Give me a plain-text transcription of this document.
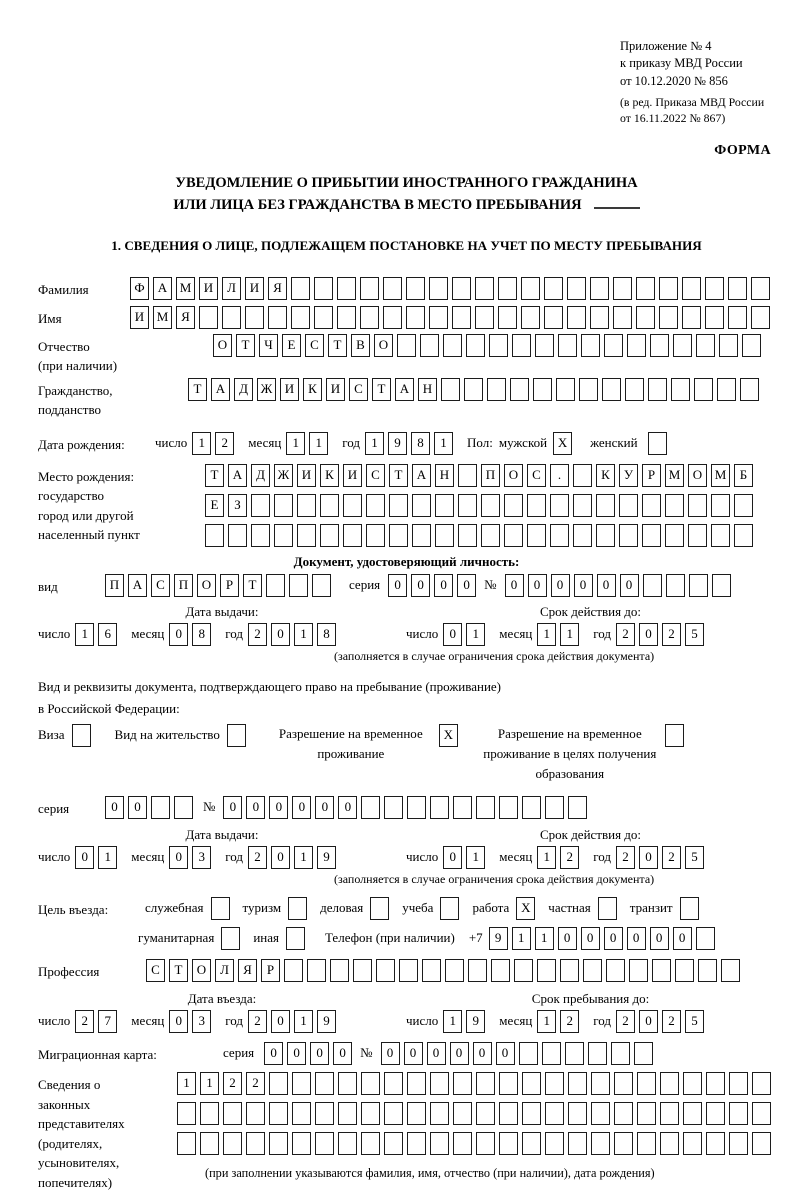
Приложение № 4
к приказу МВД России
от 10.12.2020 № 856
(в ред. Приказа МВД России
от 16.11.2022 № 867)
ФОРМА
УВЕДОМЛЕНИЕ О ПРИБЫТИИ ИНОСТРАННОГО ГРАЖДАНИНА
ИЛИ ЛИЦА БЕЗ ГРАЖДАНСТВА В МЕСТО ПРЕБЫВАНИЯ
1. СВЕДЕНИЯ О ЛИЦЕ, ПОДЛЕЖАЩЕМ ПОСТАНОВКЕ НА УЧЕТ ПО МЕСТУ ПРЕБЫВАНИЯ
Фамилия	Ф	А М И	Л	И	Я
Имя	И М Я
Отчество
(при наличии)
О	Т	Ч	Е	С	Т	В	О
Гражданство,
подданство
Т	А	Д Ж И	К	И	С	Т	А	Н
Дата рождения:	число 1	2	месяц 1	1	год 1	9	8	1	Пол: мужской X	женский
Место рождения:
государство
город или другой
населенный пункт
Т	А	Д Ж И	К	И	С	Т	А	Н	П	О	С	.	К	У	Р	М О М	Б

Е	З

Документ, удостоверяющий личность:
вид	П	А	С	П	О	Р	Т	серия	0	0	0	0	№	0	0	0	0	0	0
Дата выдачи:
число 1	6	месяц 0	8	год 2	0	1	8
Срок действия до:
число 0	1	месяц 1	1	год 2	0	2	5
(заполняется в случае ограничения срока действия документа)
Вид и реквизиты документа, подтверждающего право на пребывание (проживание)
в Российской Федерации:
Виза	Вид на жительство	Разрешение на временное проживание
X	Разрешение на временное проживание в целях получения образования
серия	0	0	№	0	0	0	0	0	0
Дата выдачи:
число 0	1	месяц 0	3	год 2	0	1	9
Срок действия до:
число 0	1	месяц 1	2	год 2	0	2	5
(заполняется в случае ограничения срока действия документа)
Цель въезда:	служебная	туризм	деловая	учеба	работа X	частная	транзит
гуманитарная	иная	Телефон (при наличии) +7 9	1	1	0	0	0	0	0	0
Профессия	С	Т	О	Л	Я	Р
Дата въезда:
число 2	7	месяц 0	3	год 2	0	1	9
Срок пребывания до:
число 1	9	месяц 1	2	год 2	0	2	5
Миграционная карта:	серия	0	0	0	0	№	0	0	0	0	0	0
Сведения о
законных
представителях
(родителях,
усыновителях,
попечителях)
1	1	2	2

(при заполнении указываются фамилия, имя, отчество (при наличии), дата рождения)
